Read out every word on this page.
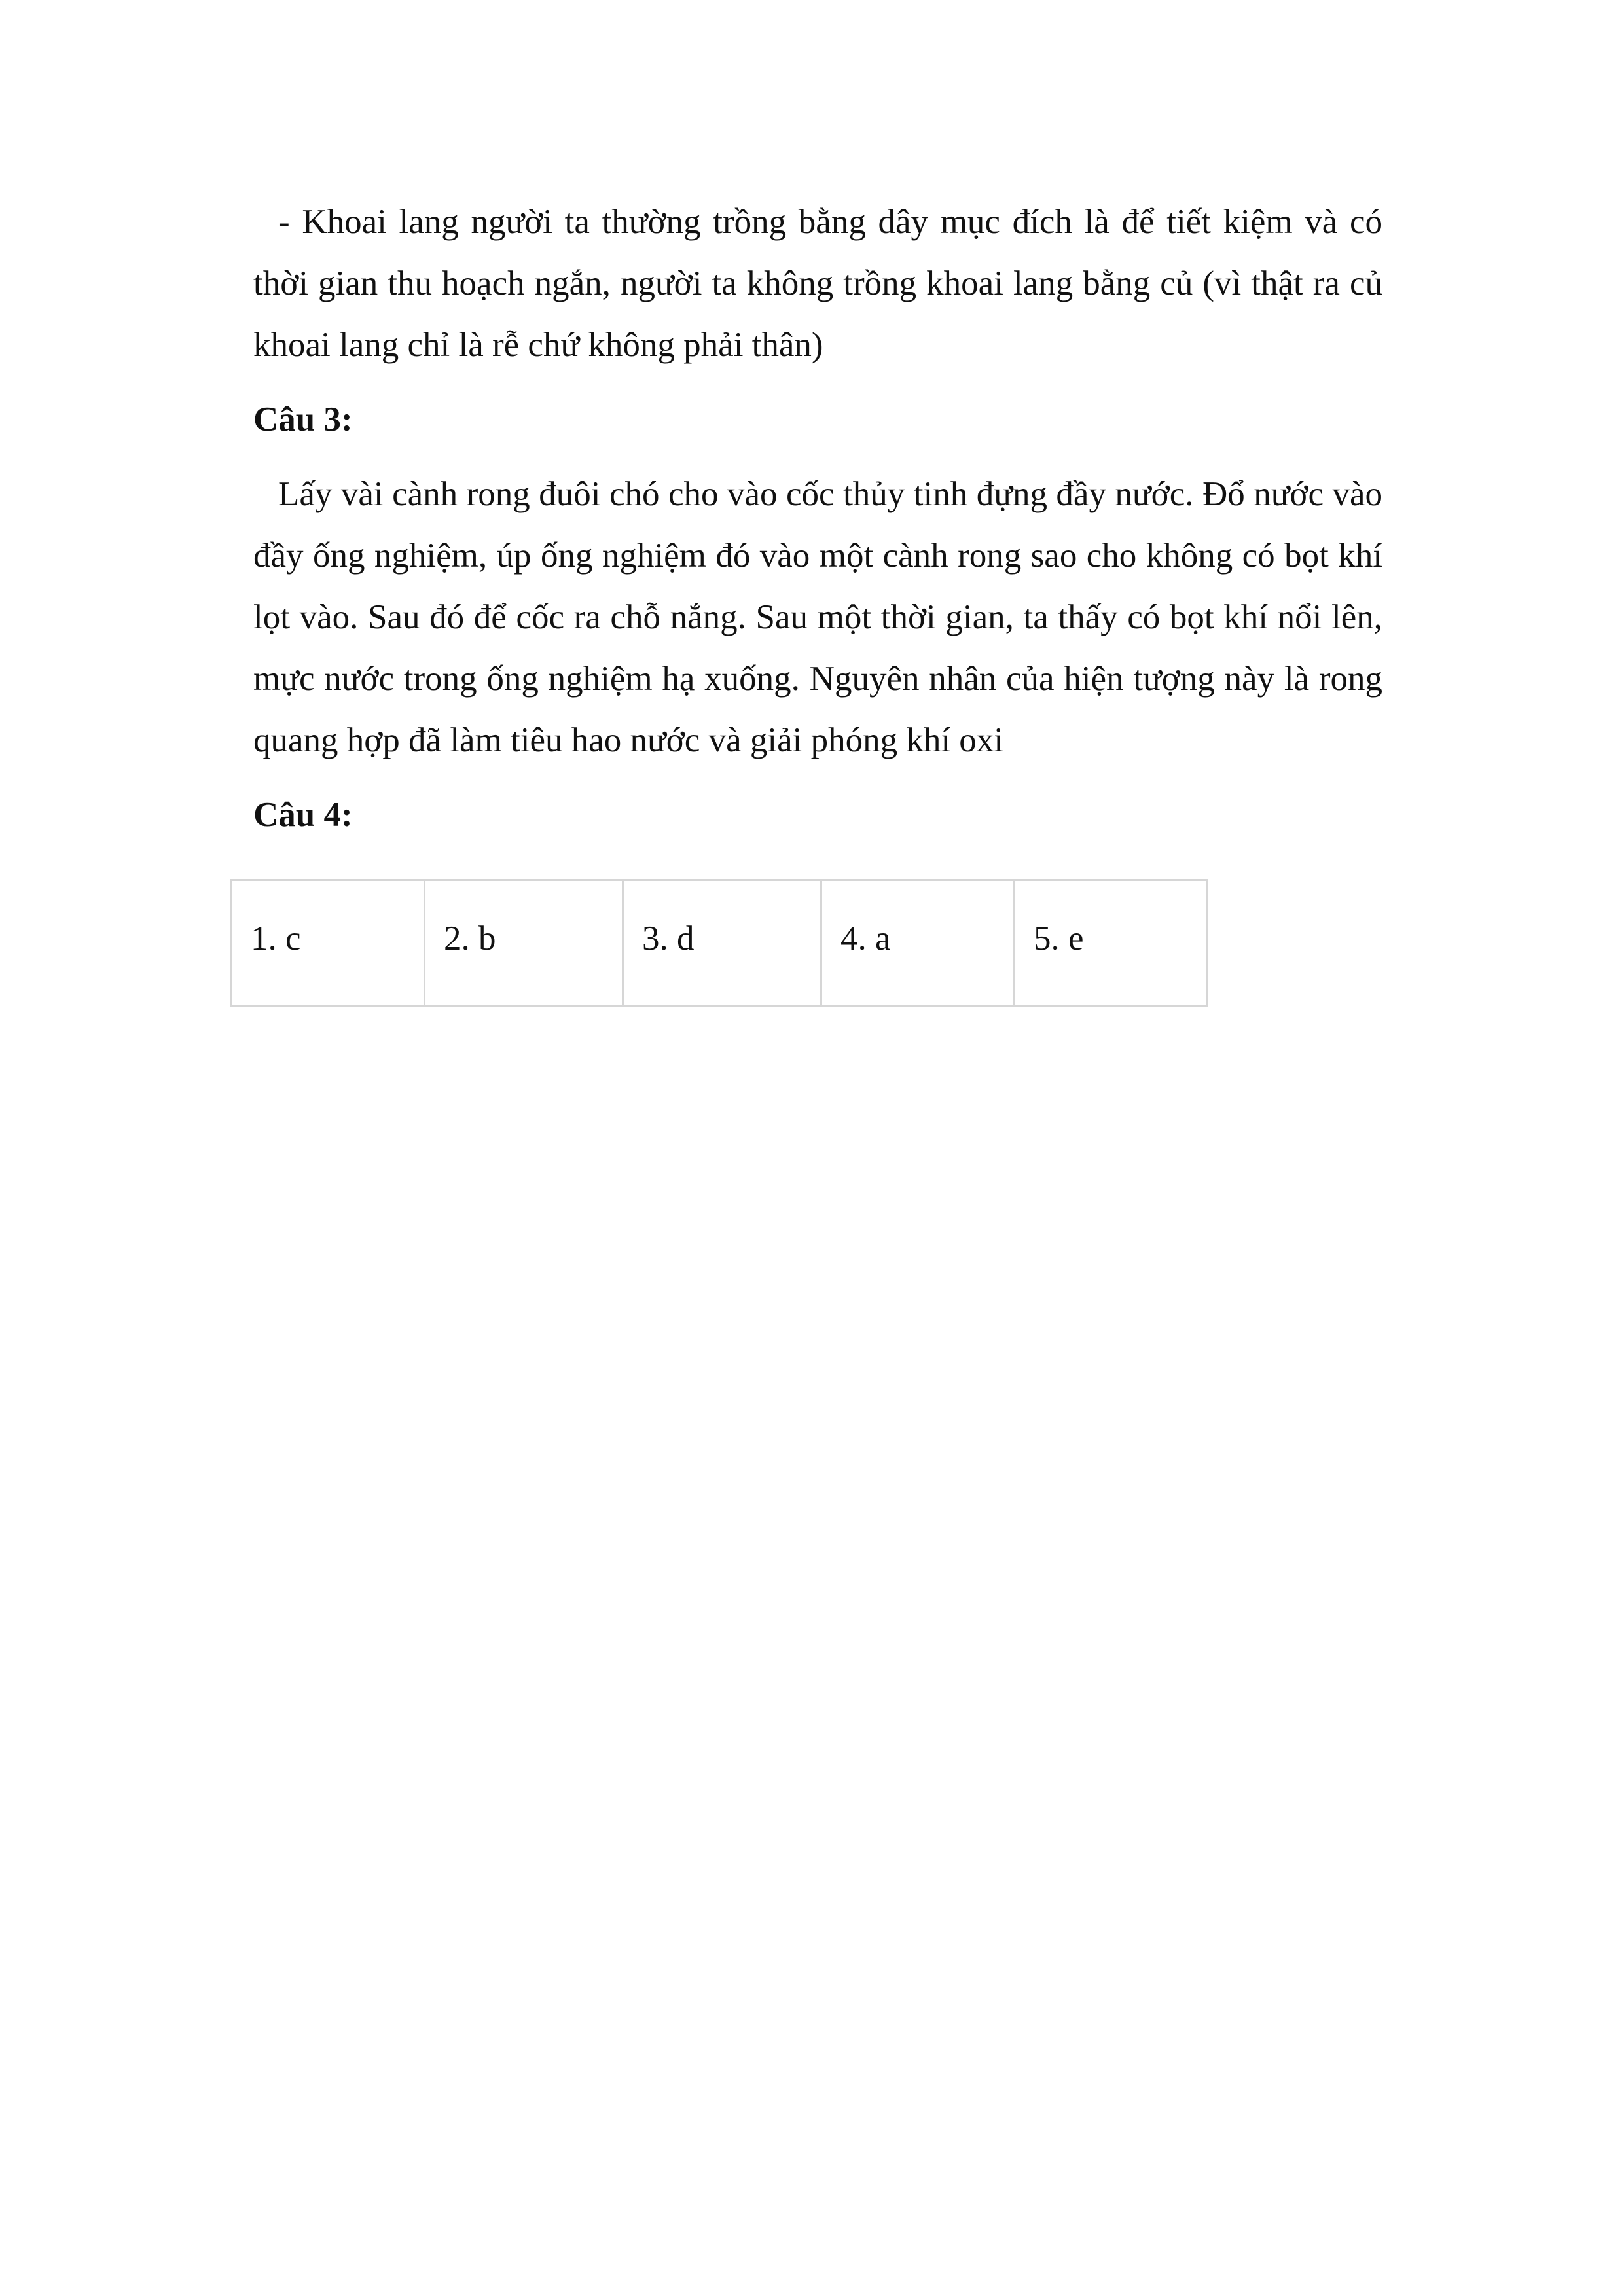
- Khoai lang người ta thường trồng bằng dây mục đích là để tiết kiệm và có thời gian thu hoạch ngắn, người ta không trồng khoai lang bằng củ (vì thật ra củ khoai lang chỉ là rễ chứ không phải thân)

Câu 3:

Lấy vài cành rong đuôi chó cho vào cốc thủy tinh đựng đầy nước. Đổ nước vào đầy ống nghiệm, úp ống nghiệm đó vào một cành rong sao cho không có bọt khí lọt vào. Sau đó để cốc ra chỗ nắng. Sau một thời gian, ta thấy có bọt khí nổi lên, mực nước trong ống nghiệm hạ xuống. Nguyên nhân của hiện tượng này là rong quang hợp đã làm tiêu hao nước và giải phóng khí oxi

Câu 4:

1. c	2. b	3. d	4. a	5. e
